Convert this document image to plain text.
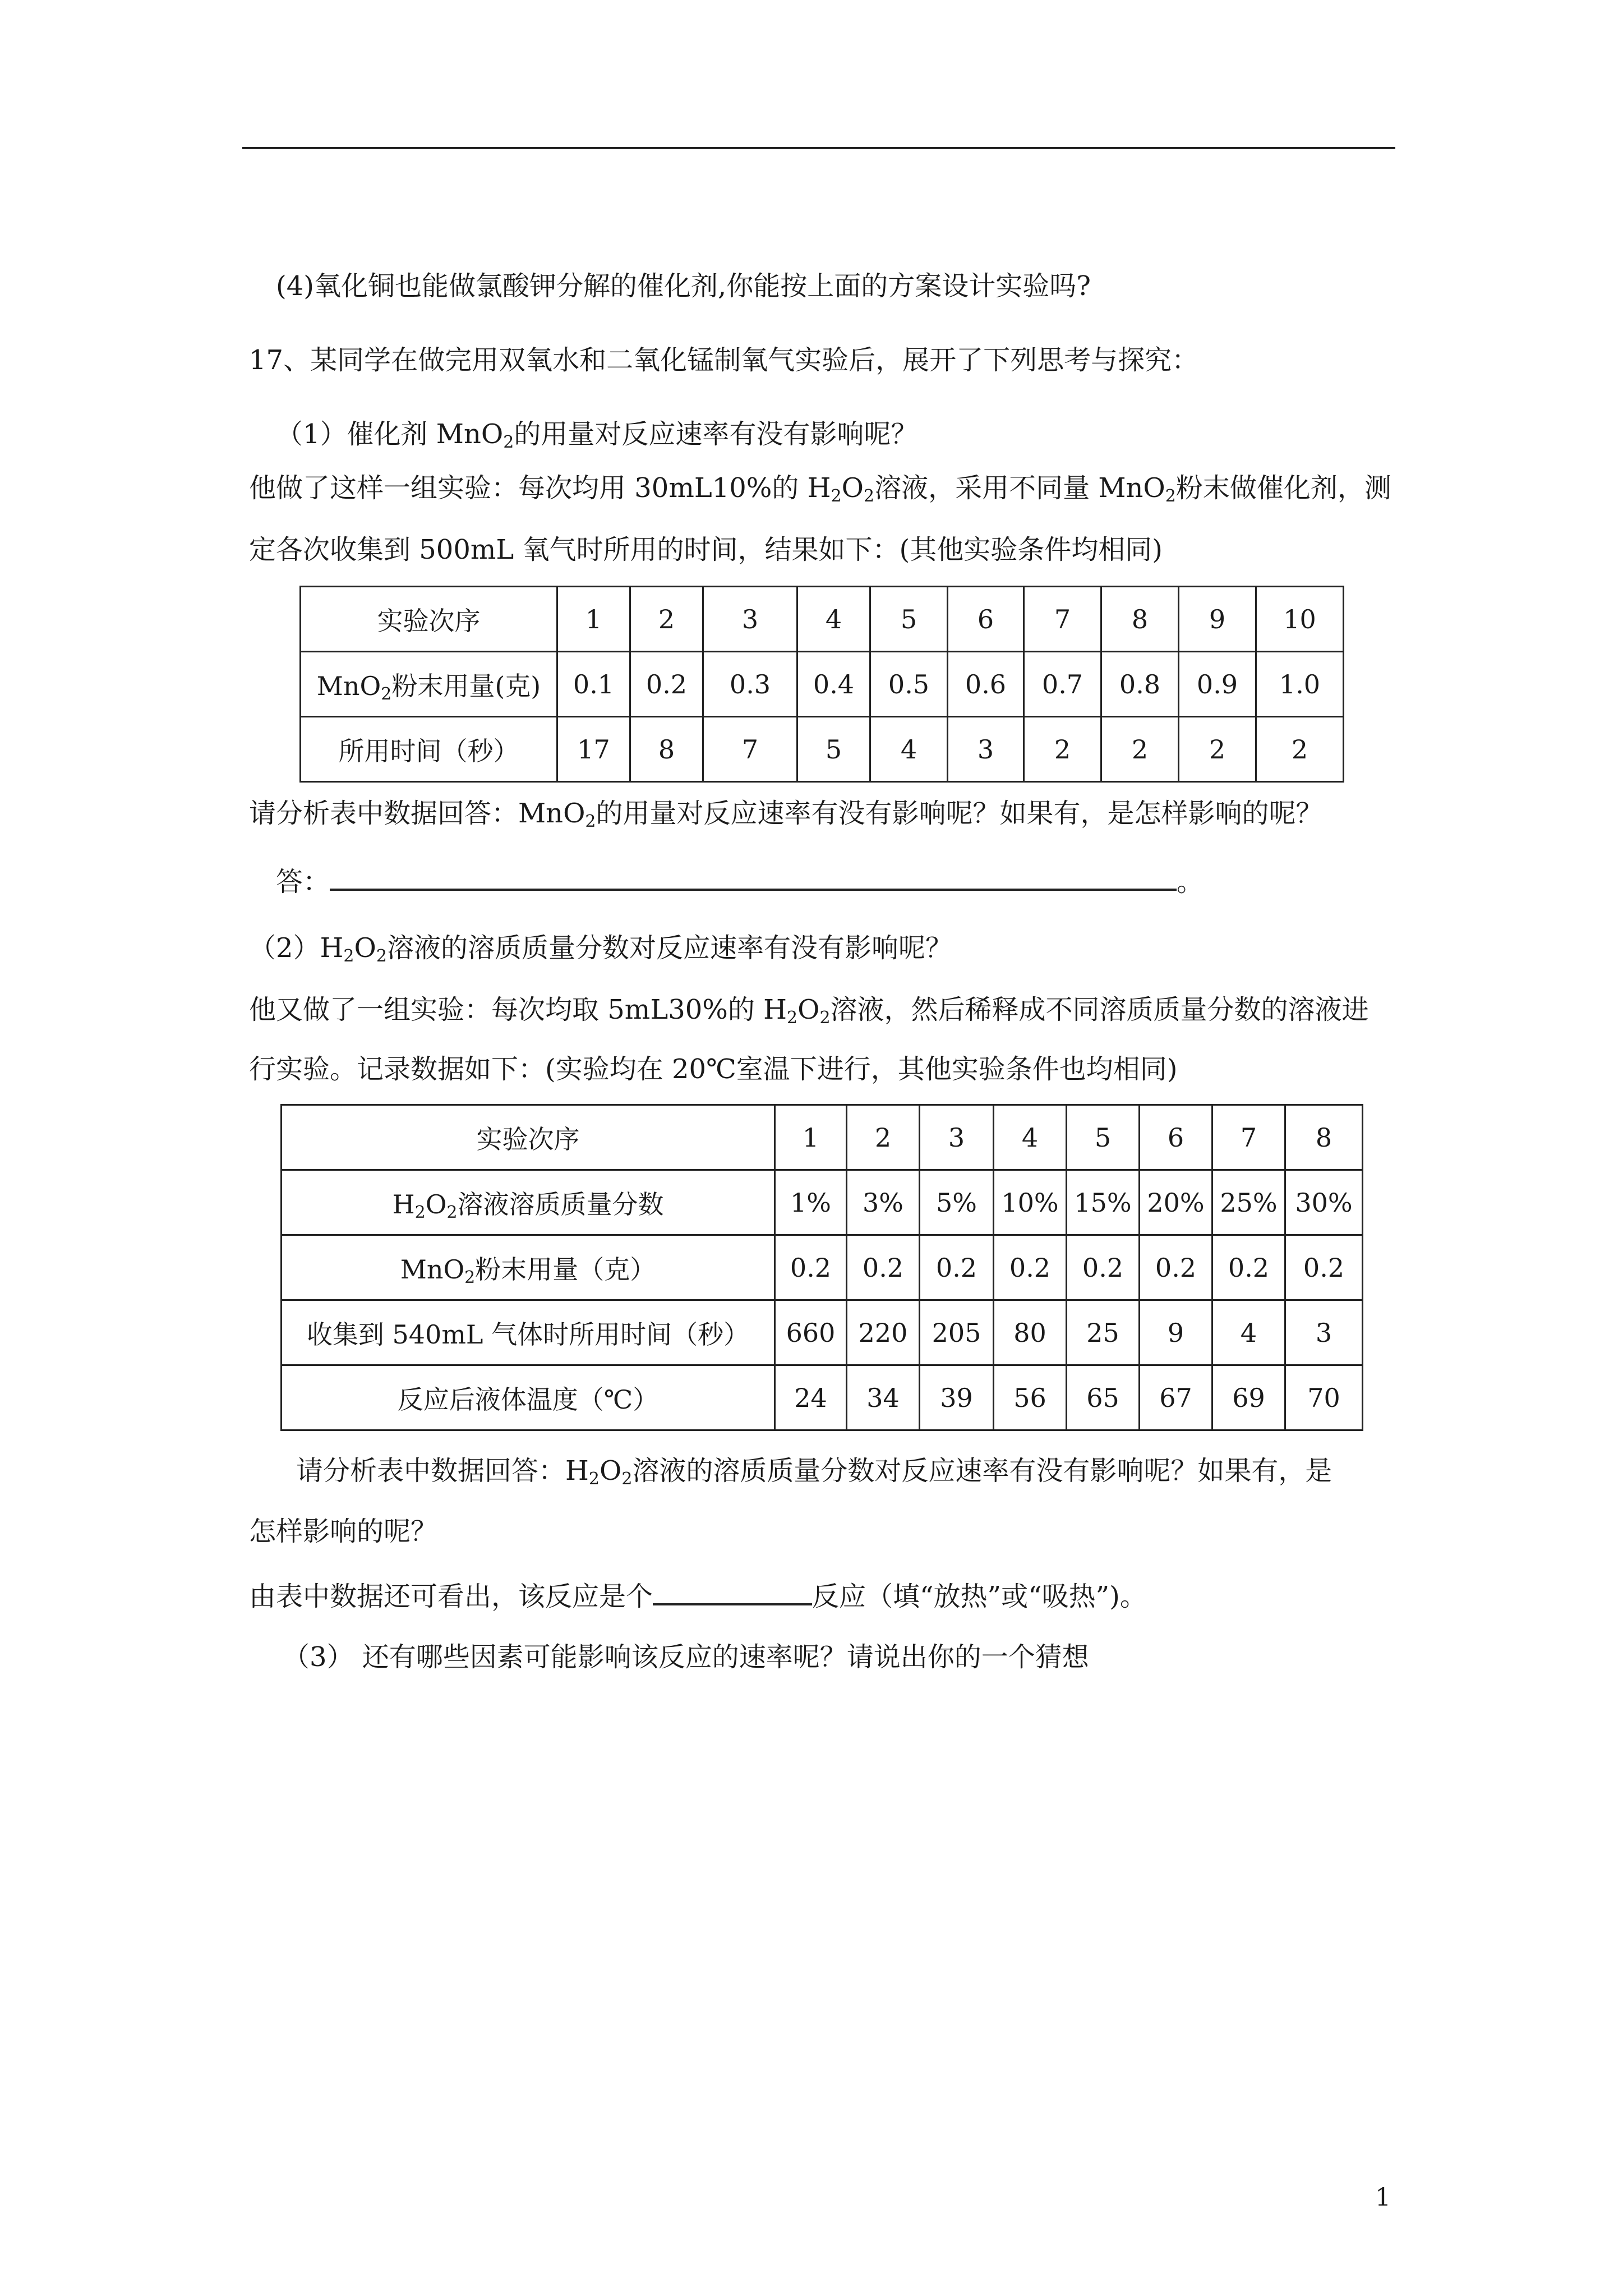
(4)氧化铜也能做氯酸钾分解的催化剂,你能按上面的方案设计实验吗?
17、某同学在做完用双氧水和二氧化锰制氧气实验后，展开了下列思考与探究：
（1）催化剂 MnO$_2$的用量对反应速率有没有影响呢？
他做了这样一组实验：每次均用 30mL10%的 $H_2O_2$溶液，采用不同量 MnO$_2$粉末做催化剂，测
定各次收集到 500mL 氧气时所用的时间，结果如下：(其他实验条件均相同)
实验次序	1	2	3	4	5	6	7	8	9	10
MnO$_2$粉末用量(克)	0.1	0.2	0.3	0.4	0.5	0.6	0.7	0.8	0.9	1.0
所用时间（秒）	17	8	7	5	4	3	2	2	2	2
请分析表中数据回答：MnO$_2$的用量对反应速率有没有影响呢？如果有，是怎样影响的呢？
答：	。
$(2)H_2O_2$溶液的溶质质量分数对反应速率有没有影响呢？
他又做了一组实验：每次均取 5mL30%的 $H_2O_2$溶液，然后稀释成不同溶质质量分数的溶液进
行实验。记录数据如下：(实验均在 20℃室温下进行，其他实验条件也均相同)
实验次序	1	2	3	4	5	6	7	8
$H_2O_2$溶液溶质质量分数	1%	3%	5%	10%	15%	20%	25%	30%
MnO$_2$粉末用量（克）	0.2	0.2	0.2	0.2	0.2	0.2	0.2	0.2
收集到 540mL 气体时所用时间（秒）	660	220	205	80	25	9	4	3
反应后液体温度（℃）	24	34	39	56	65	67	69	70
请分析表中数据回答：$H_2O_2$溶液的溶质质量分数对反应速率有没有影响呢？如果有，是
怎样影响的呢？
由表中数据还可看出，该反应是个	反应（填“放热”或“吸热”)。
（3） 还有哪些因素可能影响该反应的速率呢？请说出你的一个猜想
1
